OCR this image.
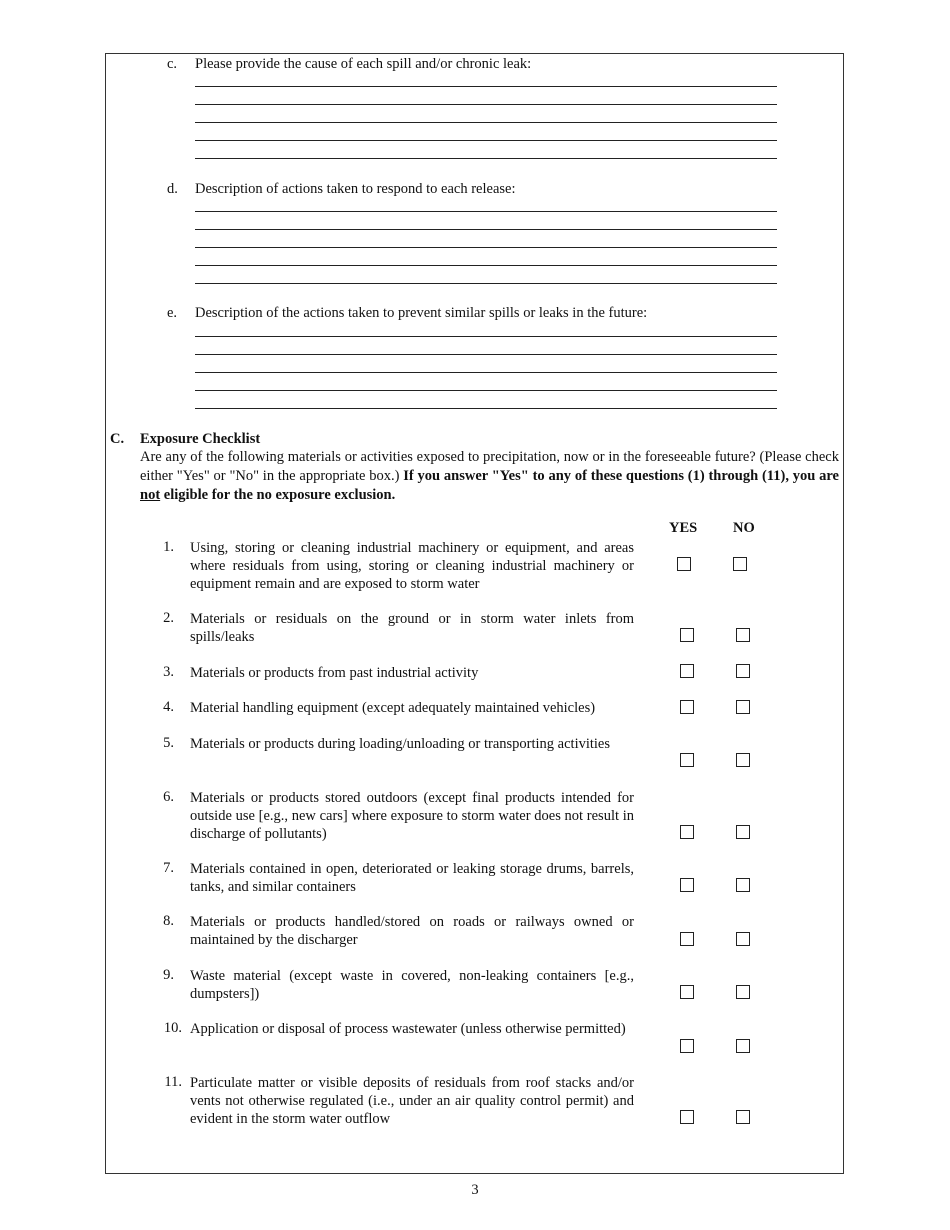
c. Please provide the cause of each spill and/or chronic leak:
d. Description of actions taken to respond to each release:
e. Description of the actions taken to prevent similar spills or leaks in the future:
C. Exposure Checklist
Are any of the following materials or activities exposed to precipitation, now or in the foreseeable future? (Please check either "Yes" or "No" in the appropriate box.) If you answer "Yes" to any of these questions (1) through (11), you are not eligible for the no exposure exclusion.
YES NO
1. Using, storing or cleaning industrial machinery or equipment, and areas where residuals from using, storing or cleaning industrial machinery or equipment remain and are exposed to storm water
2. Materials or residuals on the ground or in storm water inlets from spills/leaks
3. Materials or products from past industrial activity
4. Material handling equipment (except adequately maintained vehicles)
5. Materials or products during loading/unloading or transporting activities
6. Materials or products stored outdoors (except final products intended for outside use [e.g., new cars] where exposure to storm water does not result in discharge of pollutants)
7. Materials contained in open, deteriorated or leaking storage drums, barrels, tanks, and similar containers
8. Materials or products handled/stored on roads or railways owned or maintained by the discharger
9. Waste material (except waste in covered, non-leaking containers [e.g., dumpsters])
10. Application or disposal of process wastewater (unless otherwise permitted)
11. Particulate matter or visible deposits of residuals from roof stacks and/or vents not otherwise regulated (i.e., under an air quality control permit) and evident in the storm water outflow
3
